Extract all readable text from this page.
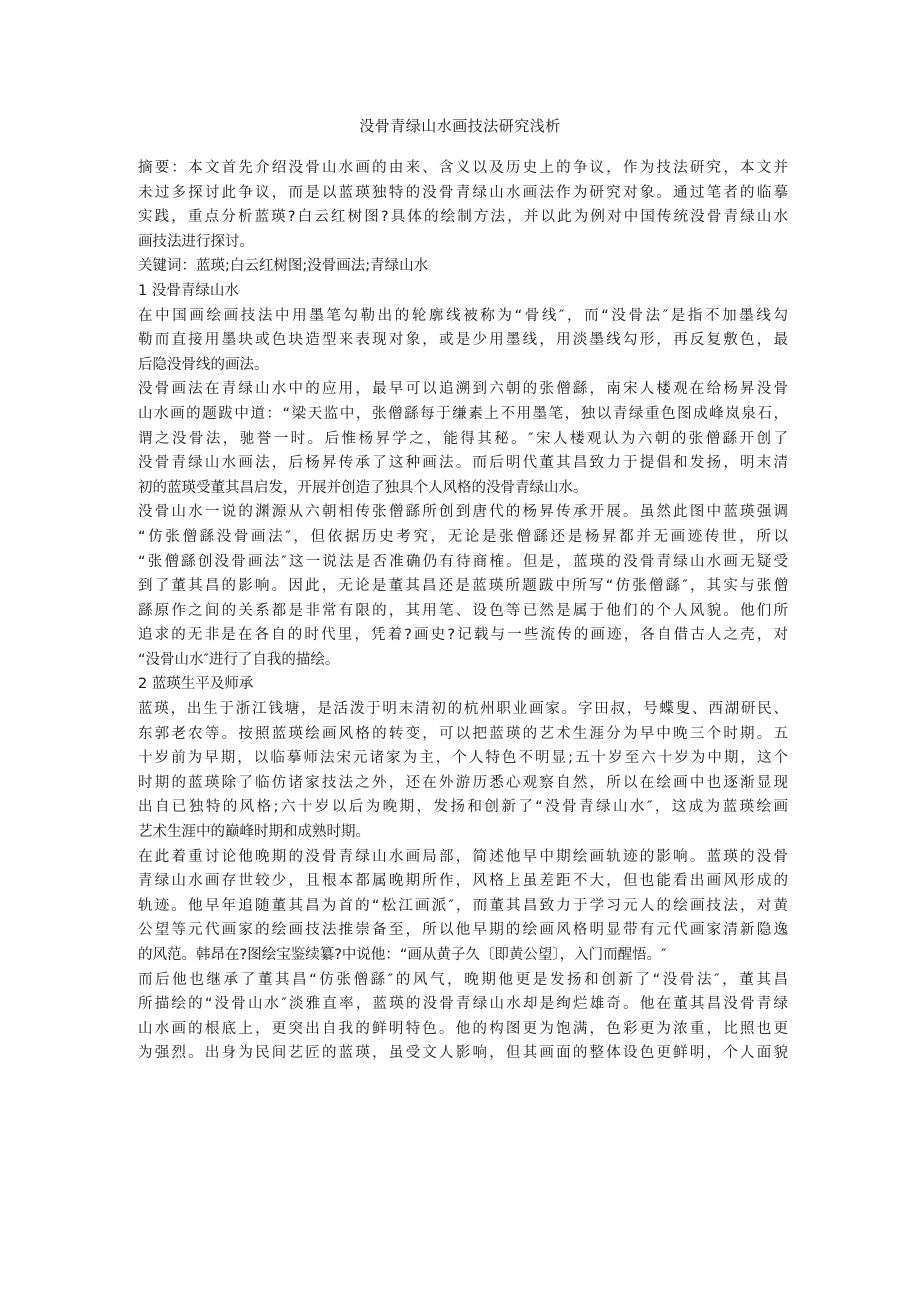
没骨青绿山水画技法研究浅析
摘要：本文首先介绍没骨山水画的由来、含义以及历史上的争议，作为技法研究，本文并
未过多探讨此争议，而是以蓝瑛独特的没骨青绿山水画法作为研究对象。通过笔者的临摹
实践，重点分析蓝瑛?白云红树图?具体的绘制方法，并以此为例对中国传统没骨青绿山水
画技法进行探讨。
关键词：蓝瑛;白云红树图;没骨画法;青绿山水
1 没骨青绿山水
在中国画绘画技法中用墨笔勾勒出的轮廓线被称为“骨线″，而“没骨法″是指不加墨线勾
勒而直接用墨块或色块造型来表现对象，或是少用墨线，用淡墨线勾形，再反复敷色，最
后隐没骨线的画法。
没骨画法在青绿山水中的应用，最早可以追溯到六朝的张僧繇，南宋人楼观在给杨昇没骨
山水画的题跋中道：“梁天监中，张僧繇每于缣素上不用墨笔，独以青绿重色图成峰岚泉石，
谓之没骨法，驰誉一时。后惟杨昇学之，能得其秘。″宋人楼观认为六朝的张僧繇开创了
没骨青绿山水画法，后杨昇传承了这种画法。而后明代董其昌致力于提倡和发扬，明末清
初的蓝瑛受董其昌启发，开展并创造了独具个人风格的没骨青绿山水。
没骨山水一说的渊源从六朝相传张僧繇所创到唐代的杨昇传承开展。虽然此图中蓝瑛强调
“仿张僧繇没骨画法″，但依据历史考究，无论是张僧繇还是杨昇都并无画迹传世，所以
“张僧繇创没骨画法″这一说法是否准确仍有待商榷。但是，蓝瑛的没骨青绿山水画无疑受
到了董其昌的影响。因此，无论是董其昌还是蓝瑛所题跋中所写“仿张僧繇″，其实与张僧
繇原作之间的关系都是非常有限的，其用笔、设色等已然是属于他们的个人风貌。他们所
追求的无非是在各自的时代里，凭着?画史?记载与一些流传的画迹，各自借古人之壳，对
“没骨山水″进行了自我的描绘。
2 蓝瑛生平及师承
蓝瑛，出生于浙江钱塘，是活泼于明末清初的杭州职业画家。字田叔，号蝶叟、西湖研民、
东郭老农等。按照蓝瑛绘画风格的转变，可以把蓝瑛的艺术生涯分为早中晚三个时期。五
十岁前为早期，以临摹师法宋元诸家为主，个人特色不明显;五十岁至六十岁为中期，这个
时期的蓝瑛除了临仿诸家技法之外，还在外游历悉心观察自然，所以在绘画中也逐渐显现
出自已独特的风格;六十岁以后为晚期，发扬和创新了“没骨青绿山水″，这成为蓝瑛绘画
艺术生涯中的巅峰时期和成熟时期。
在此着重讨论他晚期的没骨青绿山水画局部，简述他早中期绘画轨迹的影响。蓝瑛的没骨
青绿山水画存世较少，且根本都属晚期所作，风格上虽差距不大，但也能看出画风形成的
轨迹。他早年追随董其昌为首的“松江画派″，而董其昌致力于学习元人的绘画技法，对黄
公望等元代画家的绘画技法推崇备至，所以他早期的绘画风格明显带有元代画家清新隐逸
的风范。韩昂在?图绘宝鉴续纂?中说他：“画从黄子久〔即黄公望〕，入门而醒悟。″
而后他也继承了董其昌“仿张僧繇″的风气，晚期他更是发扬和创新了“没骨法″，董其昌
所描绘的“没骨山水″淡雅直率，蓝瑛的没骨青绿山水却是绚烂雄奇。他在董其昌没骨青绿
山水画的根底上，更突出自我的鲜明特色。他的构图更为饱满，色彩更为浓重，比照也更
为强烈。出身为民间艺匠的蓝瑛，虽受文人影响，但其画面的整体设色更鲜明，个人面貌
